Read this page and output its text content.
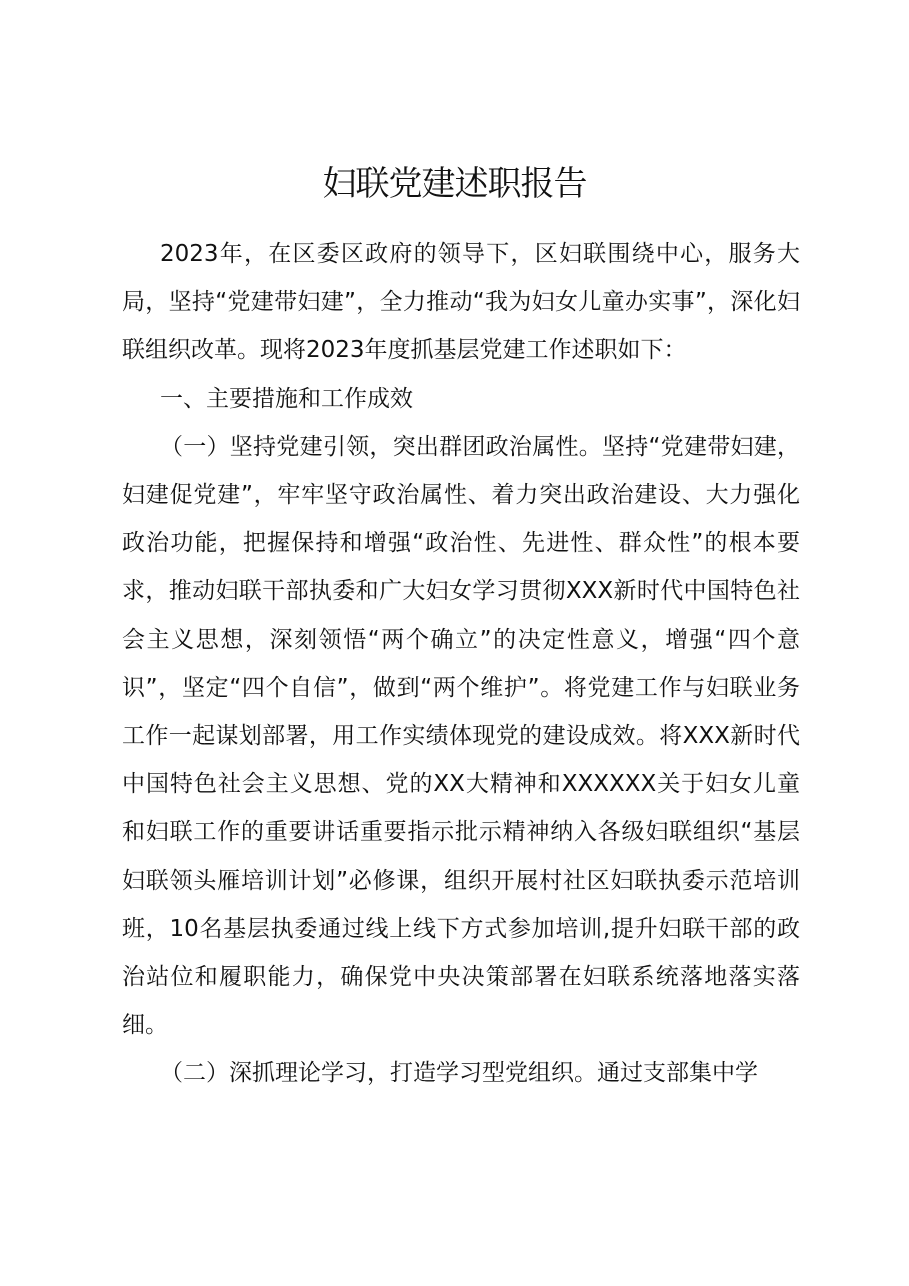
妇联党建述职报告

2023年，在区委区政府的领导下，区妇联围绕中心，服务大局，坚持“党建带妇建”，全力推动“我为妇女儿童办实事”，深化妇联组织改革。现将2023年度抓基层党建工作述职如下：

一、主要措施和工作成效

（一）坚持党建引领，突出群团政治属性。坚持“党建带妇建，妇建促党建”，牢牢坚守政治属性、着力突出政治建设、大力强化政治功能，把握保持和增强“政治性、先进性、群众性”的根本要求，推动妇联干部执委和广大妇女学习贯彻XXX新时代中国特色社会主义思想，深刻领悟“两个确立”的决定性意义，增强“四个意识”，坚定“四个自信”，做到“两个维护”。将党建工作与妇联业务工作一起谋划部署，用工作实绩体现党的建设成效。将XXX新时代中国特色社会主义思想、党的XX大精神和XXXXXX关于妇女儿童和妇联工作的重要讲话重要指示批示精神纳入各级妇联组织“基层妇联领头雁培训计划”必修课，组织开展村社区妇联执委示范培训班，10名基层执委通过线上线下方式参加培训,提升妇联干部的政治站位和履职能力，确保党中央决策部署在妇联系统落地落实落细。

（二）深抓理论学习，打造学习型党组织。通过支部集中学
